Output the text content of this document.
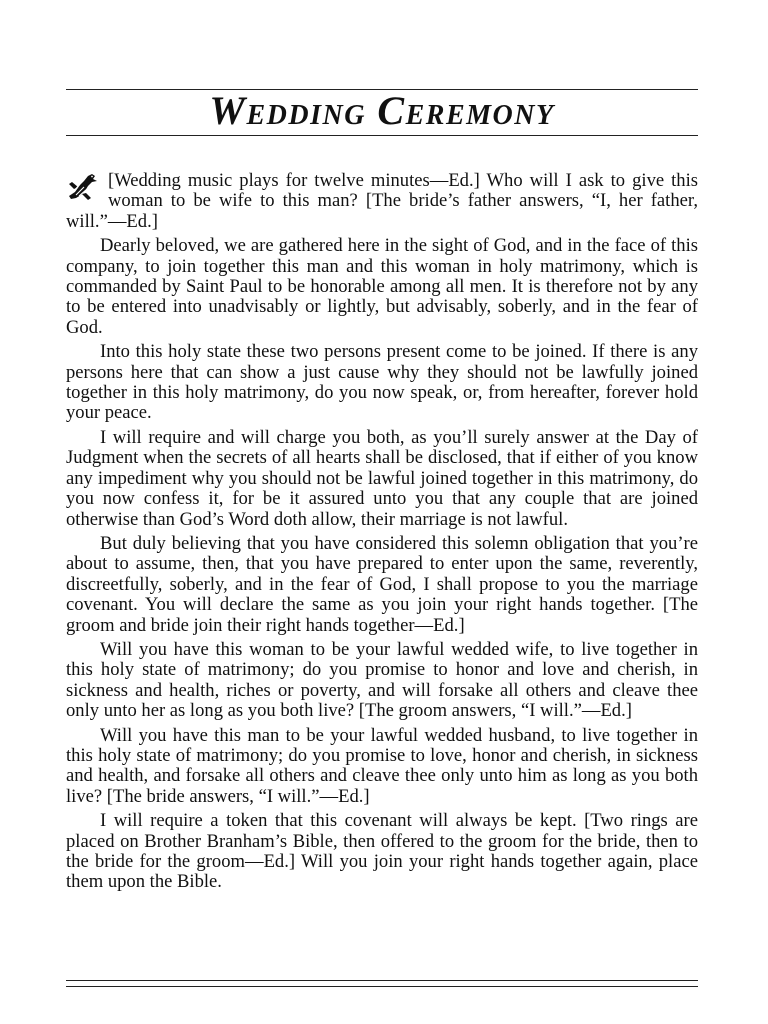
Wedding Ceremony

[Wedding music plays for twelve minutes—Ed.] Who will I ask to give this woman to be wife to this man? [The bride’s father answers, “I, her father, will.”—Ed.]

Dearly beloved, we are gathered here in the sight of God, and in the face of this company, to join together this man and this woman in holy matrimony, which is commanded by Saint Paul to be honorable among all men. It is therefore not by any to be entered into unadvisably or lightly, but advisably, soberly, and in the fear of God.

Into this holy state these two persons present come to be joined. If there is any persons here that can show a just cause why they should not be lawfully joined together in this holy matrimony, do you now speak, or, from hereafter, forever hold your peace.

I will require and will charge you both, as you’ll surely answer at the Day of Judgment when the secrets of all hearts shall be disclosed, that if either of you know any impediment why you should not be lawful joined together in this matrimony, do you now confess it, for be it assured unto you that any couple that are joined otherwise than God’s Word doth allow, their marriage is not lawful.

But duly believing that you have considered this solemn obligation that you’re about to assume, then, that you have prepared to enter upon the same, reverently, discreetfully, soberly, and in the fear of God, I shall propose to you the marriage covenant. You will declare the same as you join your right hands together. [The groom and bride join their right hands together—Ed.]

Will you have this woman to be your lawful wedded wife, to live together in this holy state of matrimony; do you promise to honor and love and cherish, in sickness and health, riches or poverty, and will forsake all others and cleave thee only unto her as long as you both live? [The groom answers, “I will.”—Ed.]

Will you have this man to be your lawful wedded husband, to live together in this holy state of matrimony; do you promise to love, honor and cherish, in sickness and health, and forsake all others and cleave thee only unto him as long as you both live? [The bride answers, “I will.”—Ed.]

I will require a token that this covenant will always be kept. [Two rings are placed on Brother Branham’s Bible, then offered to the groom for the bride, then to the bride for the groom—Ed.] Will you join your right hands together again, place them upon the Bible.
